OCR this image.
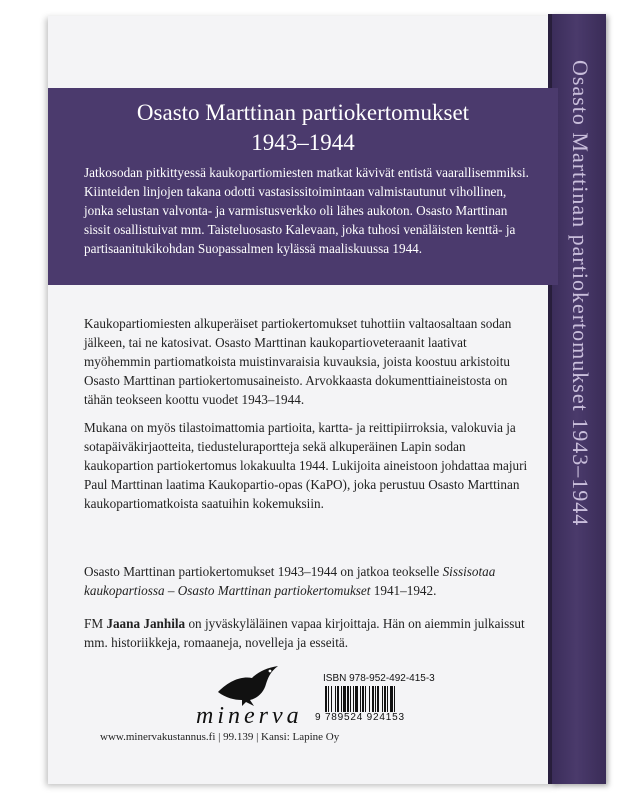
Osasto Marttinan partiokertomukset 1943–1944
Osasto Marttinan partiokertomukset
1943–1944
Jatkosodan pitkittyessä kaukopartiomiesten matkat kävivät entistä vaarallisemmiksi. Kiinteiden linjojen takana odotti vastasissitoimintaan valmistautunut vihollinen, jonka selustan valvonta- ja varmistusverkko oli lähes aukoton. Osasto Marttinan sissit osallistuivat mm. Taisteluosasto Kalevaan, joka tuhosi venäläisten kenttä- ja partisaanitukikohdan Suopassalmen kylässä maaliskuussa 1944.

Kaukopartiomiesten alkuperäiset partiokertomukset tuhottiin valtaosaltaan sodan jälkeen, tai ne katosivat. Osasto Marttinan kaukopartioveteraanit laativat myöhemmin partiomatkoista muistinvaraisia kuvauksia, joista koostuu arkistoitu Osasto Marttinan partiokertomusaineisto. Arvokkaasta dokumenttiaineistosta on tähän teokseen koottu vuodet 1943–1944.

Mukana on myös tilastoimattomia partioita, kartta- ja reittipiirroksia, valokuvia ja sotapäiväkirjaotteita, tiedusteluraportteja sekä alkuperäinen Lapin sodan kaukopartion partiokertomus lokakuulta 1944. Lukijoita aineistoon johdattaa majuri Paul Marttinan laatima Kaukopartio-opas (KaPO), joka perustuu Osasto Marttinan kaukopartiomatkoista saatuihin kokemuksiin.

Osasto Marttinan partiokertomukset 1943–1944 on jatkoa teokselle Sissisotaa kaukopartiossa – Osasto Marttinan partiokertomukset 1941–1942.

FM Jaana Janhila on jyväskyläläinen vapaa kirjoittaja. Hän on aiemmin julkaissut mm. historiikkeja, romaaneja, novelleja ja esseitä.

minerva
www.minervakustannus.fi | 99.139 | Kansi: Lapine Oy
ISBN 978-952-492-415-3
9 789524 924153
